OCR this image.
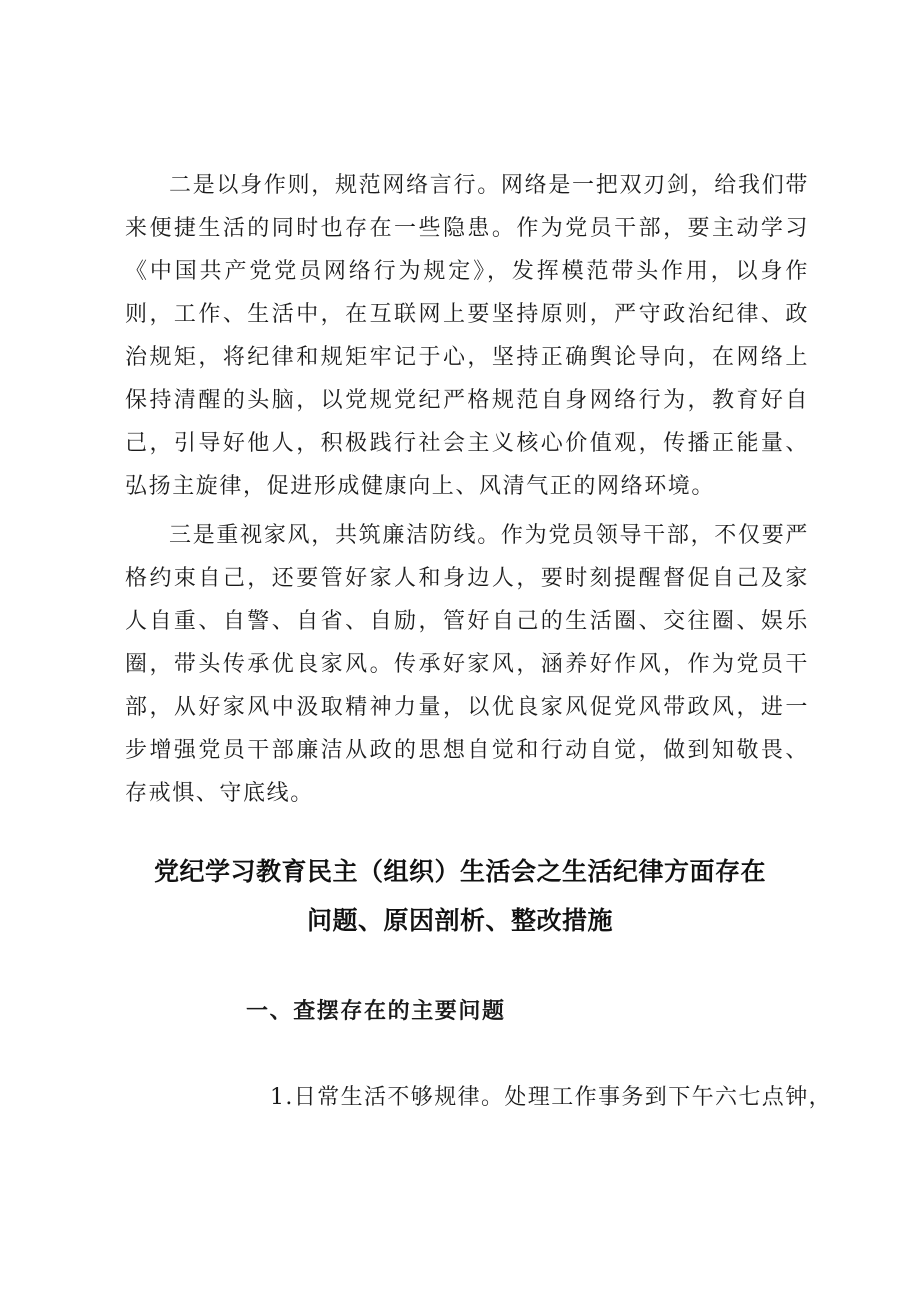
二是以身作则，规范网络言行。网络是一把双刃剑，给我们带来便捷生活的同时也存在一些隐患。作为党员干部，要主动学习《中国共产党党员网络行为规定》，发挥模范带头作用，以身作则，工作、生活中，在互联网上要坚持原则，严守政治纪律、政治规矩，将纪律和规矩牢记于心，坚持正确舆论导向，在网络上保持清醒的头脑，以党规党纪严格规范自身网络行为，教育好自己，引导好他人，积极践行社会主义核心价值观，传播正能量、弘扬主旋律，促进形成健康向上、风清气正的网络环境。

三是重视家风，共筑廉洁防线。作为党员领导干部，不仅要严格约束自己，还要管好家人和身边人，要时刻提醒督促自己及家人自重、自警、自省、自励，管好自己的生活圈、交往圈、娱乐圈，带头传承优良家风。传承好家风，涵养好作风，作为党员干部，从好家风中汲取精神力量，以优良家风促党风带政风，进一步增强党员干部廉洁从政的思想自觉和行动自觉，做到知敬畏、存戒惧、守底线。

党纪学习教育民主（组织）生活会之生活纪律方面存在
问题、原因剖析、整改措施
一、查摆存在的主要问题

1.日常生活不够规律。处理工作事务到下午六七点钟，
